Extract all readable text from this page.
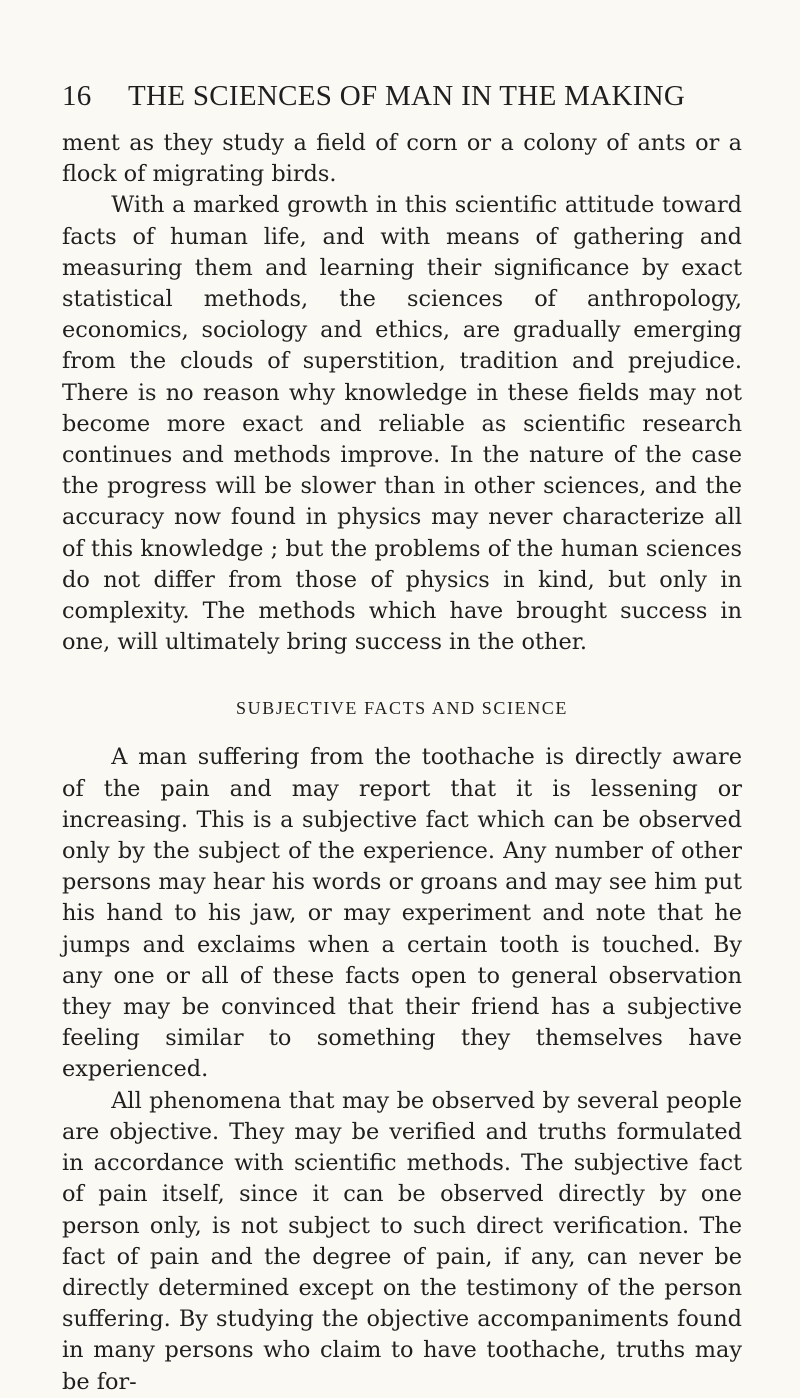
16	THE SCIENCES OF MAN IN THE MAKING

ment as they study a field of corn or a colony of ants or a flock of migrating birds.

With a marked growth in this scientific attitude toward facts of human life, and with means of gathering and measuring them and learning their significance by exact statistical methods, the sciences of anthropology, economics, sociology and ethics, are gradually emerging from the clouds of superstition, tradition and prejudice. There is no reason why knowledge in these fields may not become more exact and reliable as scientific research continues and methods improve. In the nature of the case the progress will be slower than in other sciences, and the accuracy now found in physics may never characterize all of this knowledge ; but the problems of the human sciences do not differ from those of physics in kind, but only in complexity. The methods which have brought success in one, will ultimately bring success in the other.

SUBJECTIVE FACTS AND SCIENCE

A man suffering from the toothache is directly aware of the pain and may report that it is lessening or increasing. This is a subjective fact which can be observed only by the subject of the experience. Any number of other persons may hear his words or groans and may see him put his hand to his jaw, or may experiment and note that he jumps and exclaims when a certain tooth is touched. By any one or all of these facts open to general observation they may be convinced that their friend has a subjective feeling similar to something they themselves have experienced.

All phenomena that may be observed by several people are objective. They may be verified and truths formulated in accordance with scientific methods. The subjective fact of pain itself, since it can be observed directly by one person only, is not subject to such direct verification. The fact of pain and the degree of pain, if any, can never be directly determined except on the testimony of the person suffering. By studying the objective accompaniments found in many persons who claim to have toothache, truths may be for-
